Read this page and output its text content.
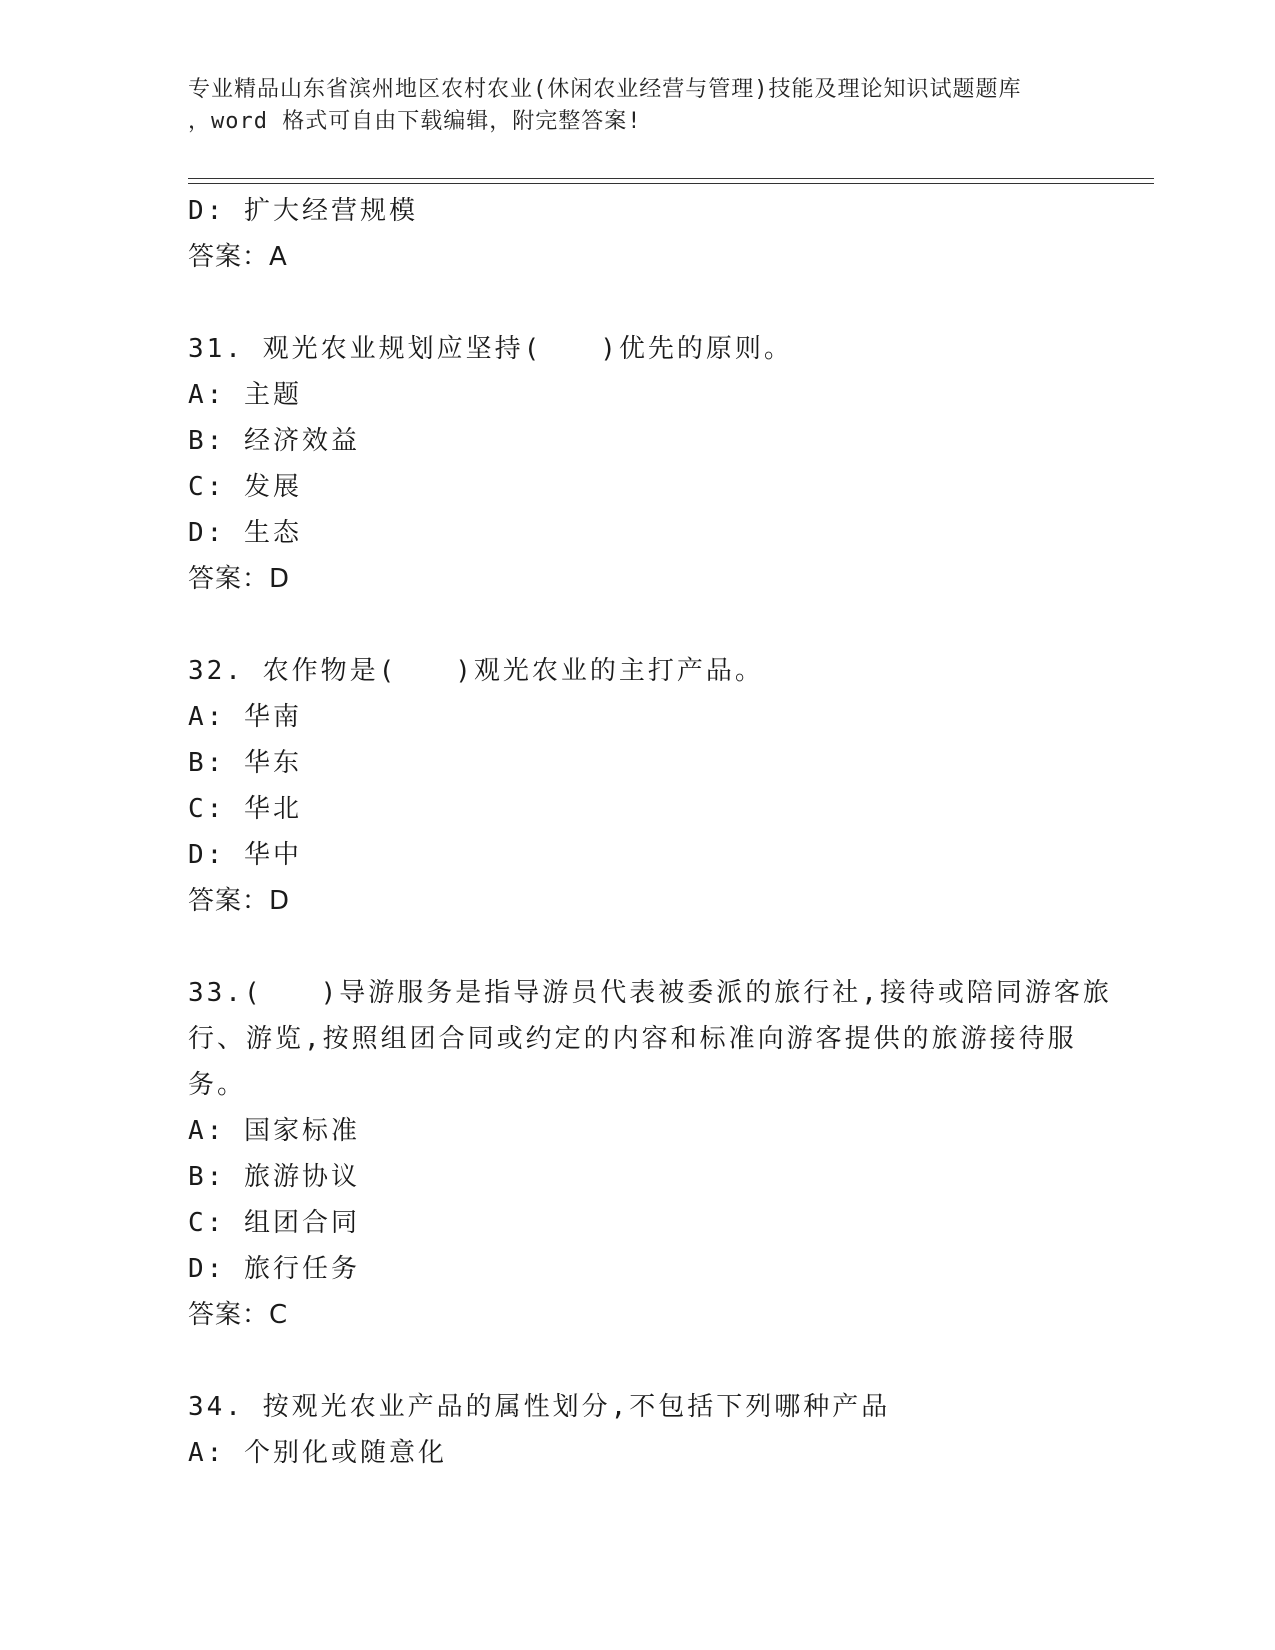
专业精品山东省滨州地区农村农业(休闲农业经营与管理)技能及理论知识试题题库
，word 格式可自由下载编辑，附完整答案!
D: 扩大经营规模
答案：A
31. 观光农业规划应坚持(　　)优先的原则。
A: 主题
B: 经济效益
C: 发展
D: 生态
答案：D
32. 农作物是(　　)观光农业的主打产品。
A: 华南
B: 华东
C: 华北
D: 华中
答案：D
33.(　　)导游服务是指导游员代表被委派的旅行社,接待或陪同游客旅
行、游览,按照组团合同或约定的内容和标准向游客提供的旅游接待服
务。
A: 国家标准
B: 旅游协议
C: 组团合同
D: 旅行任务
答案：C
34. 按观光农业产品的属性划分,不包括下列哪种产品
A: 个别化或随意化
